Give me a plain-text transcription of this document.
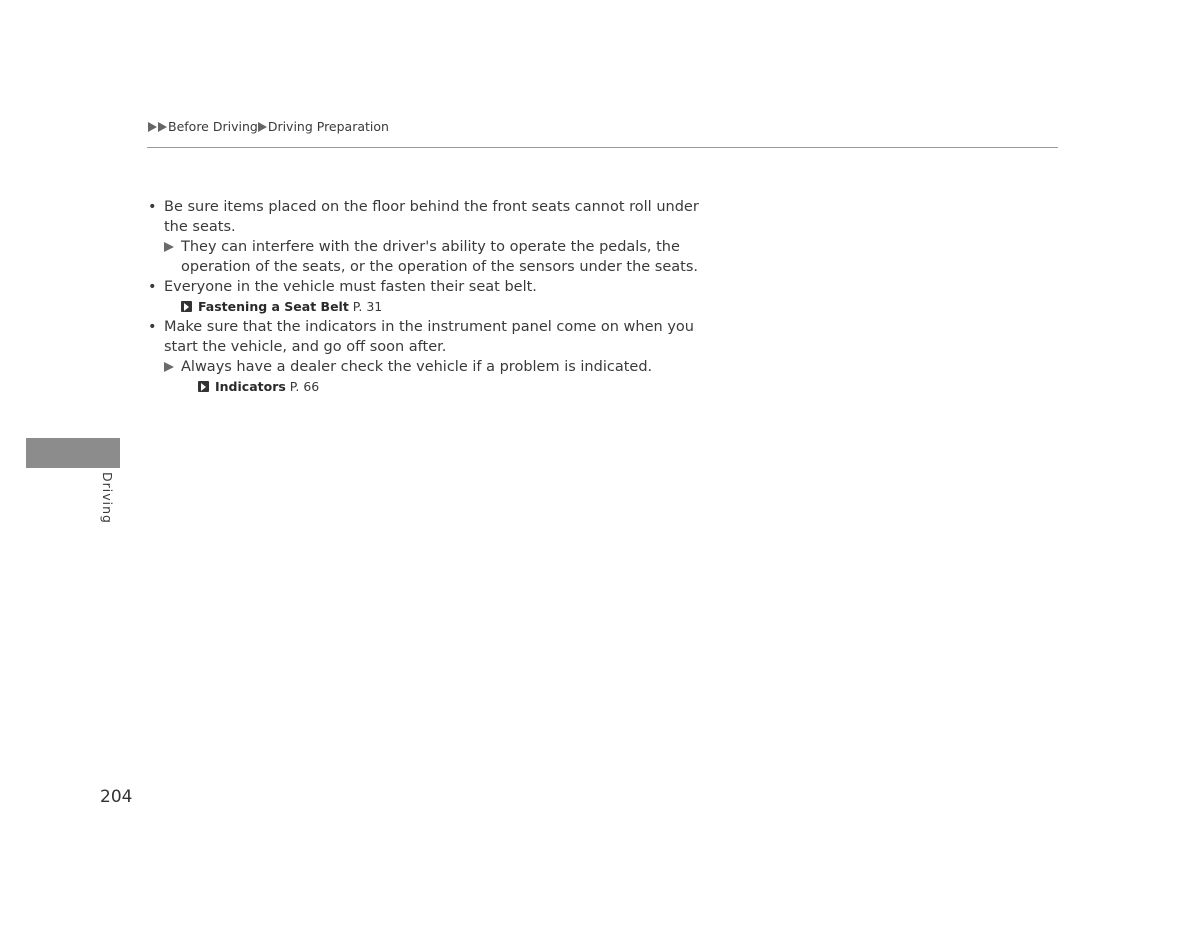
Before Driving Driving Preparation
• Be sure items placed on the floor behind the front seats cannot roll under the seats.
They can interfere with the driver's ability to operate the pedals, the operation of the seats, or the operation of the sensors under the seats.
• Everyone in the vehicle must fasten their seat belt.
Fastening a Seat Belt P. 31
• Make sure that the indicators in the instrument panel come on when you start the vehicle, and go off soon after.
Always have a dealer check the vehicle if a problem is indicated.
Indicators P. 66
Driving
204
